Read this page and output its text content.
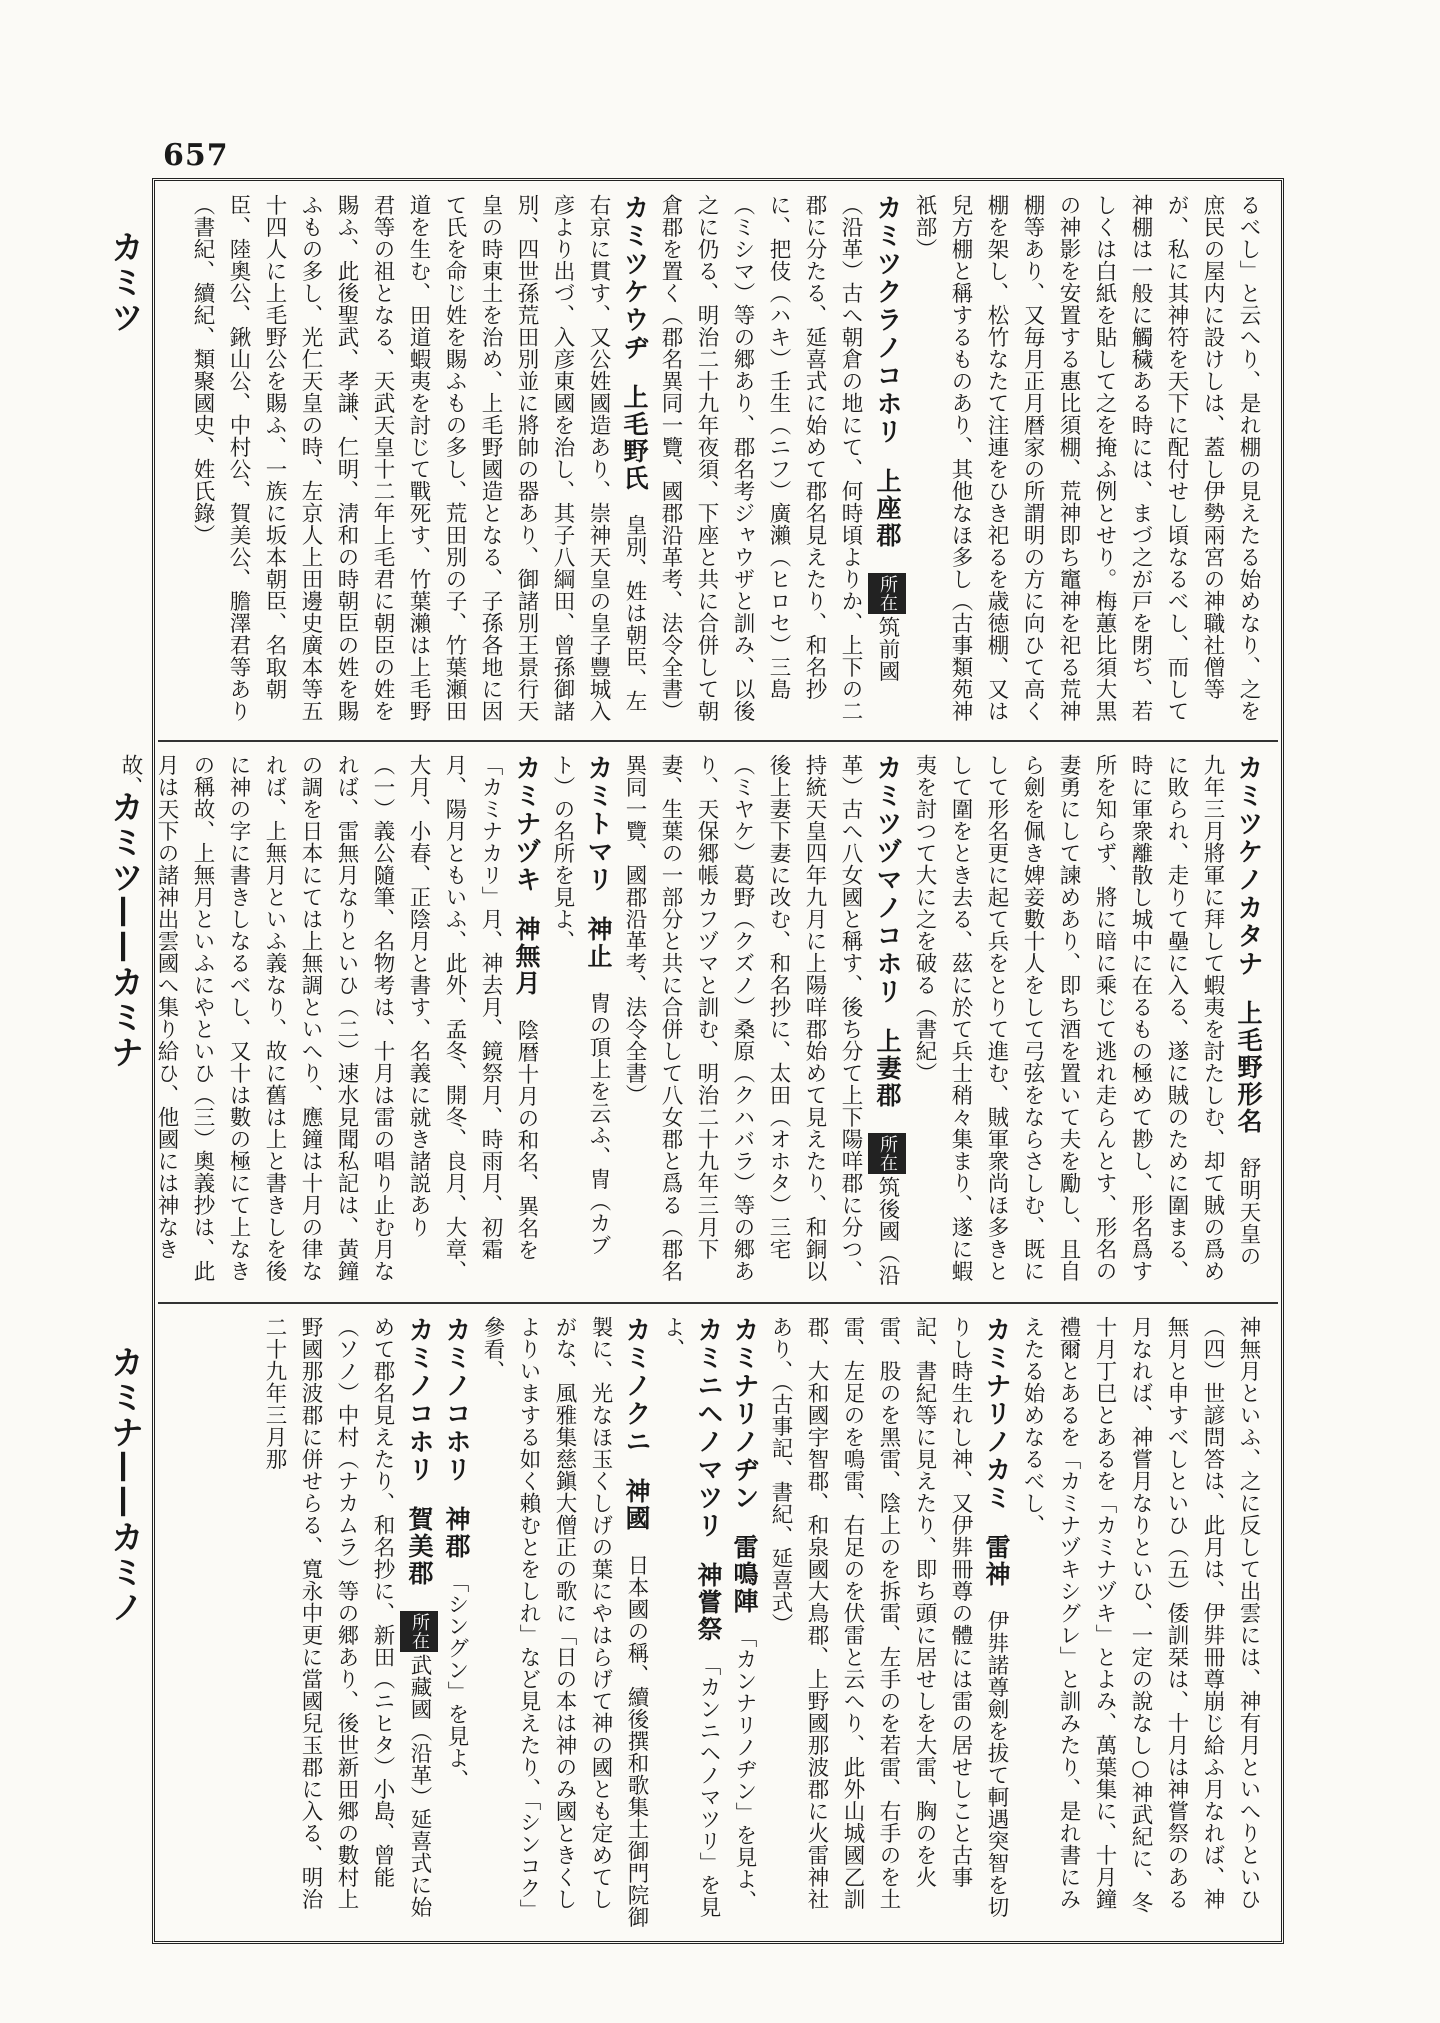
657
カミツ
カミツ——カミナ
カミナ——カミノ
るべし」と云へり、是れ棚の見えたる始めなり、之を庶民の屋内に設けしは、蓋し伊勢兩宮の神職社僧等が、私に其神符を天下に配付せし頃なるべし、而して神棚は一般に觸穢ある時には、まづ之が戸を閉ぢ、若しくは白紙を貼して之を掩ふ例とせり。梅蕙比須大黒の神影を安置する惠比須棚、荒神即ち竈神を祀る荒神棚等あり、又毎月正月暦家の所謂明の方に向ひて高く棚を架し、松竹なたて注連をひき祀るを歳徳棚、又は兒方棚と稱するものあり、其他なほ多し（古事類苑神祇部）
カミツクラノコホリ　上座郡　所在筑前國（沿革）古へ朝倉の地にて、何時頃よりか、上下の二郡に分たる、延喜式に始めて郡名見えたり、和名抄に、把伎（ハキ）壬生（ニフ）廣瀨（ヒロセ）三島（ミシマ）等の郷あり、郡名考ジャウザと訓み、以後之に仍る、明治二十九年夜須、下座と共に合併して朝倉郡を置く（郡名異同一覽、國郡沿革考、法令全書）
カミツケウヂ　上毛野氏　皇別、姓は朝臣、左右京に貫す、又公姓國造あり、崇神天皇の皇子豐城入彦より出づ、入彦東國を治し、其子八綱田、曾孫御諸別、四世孫荒田別並に將帥の器あり、御諸別王景行天皇の時東土を治め、上毛野國造となる、子孫各地に因て氏を命じ姓を賜ふもの多し、荒田別の子、竹葉瀬田道を生む、田道蝦夷を討じて戰死す、竹葉瀨は上毛野君等の祖となる、天武天皇十二年上毛君に朝臣の姓を賜ふ、此後聖武、孝謙、仁明、淸和の時朝臣の姓を賜ふもの多し、光仁天皇の時、左京人上田邊史廣本等五十四人に上毛野公を賜ふ、一族に坂本朝臣、名取朝臣、陸奧公、鍬山公、中村公、賀美公、膽澤君等あり（書紀、續紀、類聚國史、姓氏錄）
カミツケノカタナ　上毛野形名　舒明天皇の九年三月將軍に拜して蝦夷を討たしむ、却て賊の爲めに敗られ、走りて壘に入る、遂に賊のために圍まる、時に軍衆離散し城中に在るもの極めて尠し、形名爲す所を知らず、將に暗に乘じて逃れ走らんとす、形名の妻勇にして諫めあり、即ち酒を置いて夫を勵し、且自ら劍を佩き婢妾數十人をして弓弦をならさしむ、既にして形名更に起て兵をとりて進む、賊軍衆尚ほ多きとして圍をとき去る、茲に於て兵士稍々集まり、遂に蝦夷を討つて大に之を破る（書紀）
カミツヅマノコホリ　上妻郡　所在筑後國（沿革）古へ八女國と稱す、後ち分て上下陽咩郡に分つ、持統天皇四年九月に上陽咩郡始めて見えたり、和銅以後上妻下妻に改む、和名抄に、太田（オホタ）三宅（ミヤケ）葛野（クズノ）桑原（クハバラ）等の郷あり、天保郷帳カフヅマと訓む、明治二十九年三月下妻、生葉の一部分と共に合併して八女郡と爲る（郡名異同一覽、國郡沿革考、法令全書）
カミトマリ　神止　冑の頂上を云ふ、冑（カブト）の名所を見よ、
カミナヅキ　神無月　陰暦十月の和名、異名を「カミナカリ」月、神去月、鏡祭月、時雨月、初霜月、陽月ともいふ、此外、孟冬、開冬、良月、大章、大月、小春、正陰月と書す、名義に就き諸説あり（一）義公隨筆、名物考は、十月は雷の唱り止む月なれば、雷無月なりといひ（二）速水見聞私記は、黃鐘の調を日本にては上無調といへり、應鐘は十月の律なれば、上無月といふ義なり、故に舊は上と書きしを後に神の字に書きしなるべし、又十は數の極にて上なきの稱故、上無月といふにやといひ（三）奧義抄は、此月は天下の諸神出雲國へ集り給ひ、他國には神なき故、
神無月といふ、之に反して出雲には、神有月といへりといひ（四）世諺問答は、此月は、伊弉冊尊崩じ給ふ月なれば、神無月と申すべしといひ（五）倭訓栞は、十月は神嘗祭のある月なれば、神嘗月なりといひ、一定の說なし○神武紀に、冬十月丁巳とあるを「カミナヅキ」とよみ、萬葉集に、十月鐘禮爾とあるを「カミナヅキシグレ」と訓みたり、是れ書にみえたる始めなるべし、
カミナリノカミ　雷神　伊弉諾尊劍を拔て軻遇突智を切りし時生れし神、又伊弉冊尊の體には雷の居せしこと古事記、書紀等に見えたり、即ち頭に居せしを大雷、胸のを火雷、股のを黑雷、陰上のを拆雷、左手のを若雷、右手のを土雷、左足のを鳴雷、右足のを伏雷と云へり、此外山城國乙訓郡、大和國宇智郡、和泉國大鳥郡、上野國那波郡に火雷神社あり、（古事記、書紀、延喜式）
カミナリノヂン　雷鳴陣　「カンナリノヂン」を見よ、
カミニヘノマツリ　神嘗祭　「カンニヘノマツリ」を見よ、
カミノクニ　神國　日本國の稱、續後撰和歌集土御門院御製に、光なほ玉くしげの葉にやはらげて神の國とも定めてしがな、風雅集慈鎭大僧正の歌に「日の本は神のみ國ときくしよりいまする如く賴むとをしれ」など見えたり、「シンコク」參看、
カミノコホリ　神郡　「シングン」を見よ、
カミノコホリ　賀美郡　所在武藏國（沿革）延喜式に始めて郡名見えたり、和名抄に、新田（ニヒタ）小島、曾能（ソノ）中村（ナカムラ）等の郷あり、後世新田郷の數村上野國那波郡に併せらる、寬永中更に當國兒玉郡に入る、明治二十九年三月那
